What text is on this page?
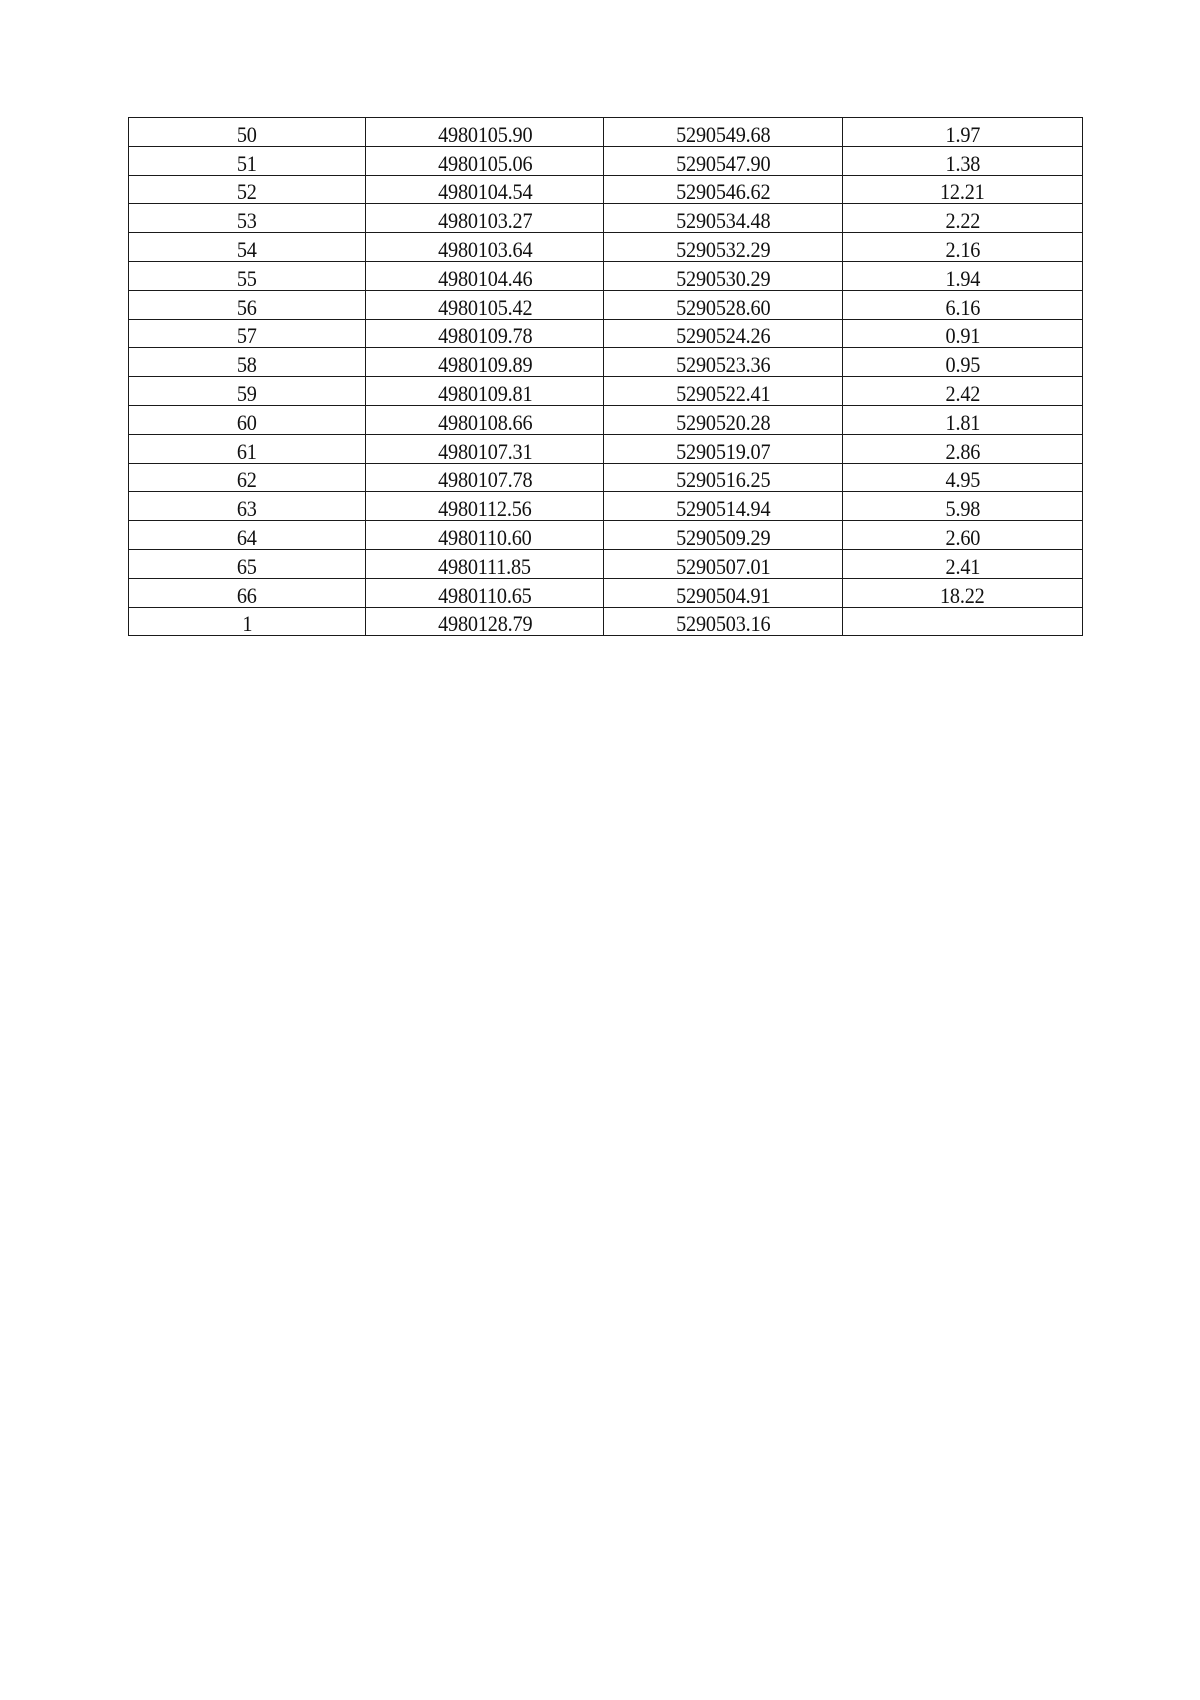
50	4980105.90	5290549.68	1.97
51	4980105.06	5290547.90	1.38
52	4980104.54	5290546.62	12.21
53	4980103.27	5290534.48	2.22
54	4980103.64	5290532.29	2.16
55	4980104.46	5290530.29	1.94
56	4980105.42	5290528.60	6.16
57	4980109.78	5290524.26	0.91
58	4980109.89	5290523.36	0.95
59	4980109.81	5290522.41	2.42
60	4980108.66	5290520.28	1.81
61	4980107.31	5290519.07	2.86
62	4980107.78	5290516.25	4.95
63	4980112.56	5290514.94	5.98
64	4980110.60	5290509.29	2.60
65	4980111.85	5290507.01	2.41
66	4980110.65	5290504.91	18.22
1	4980128.79	5290503.16	
